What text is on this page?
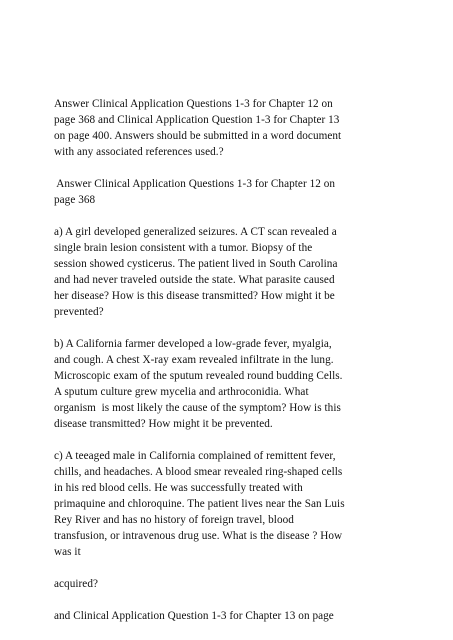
Answer Clinical Application Questions 1-3 for Chapter 12 on
page 368 and Clinical Application Question 1-3 for Chapter 13
on page 400. Answers should be submitted in a word document
with any associated references used.?

Answer Clinical Application Questions 1-3 for Chapter 12 on
page 368

a) A girl developed generalized seizures. A CT scan revealed a
single brain lesion consistent with a tumor. Biopsy of the
session showed cysticerus. The patient lived in South Carolina
and had never traveled outside the state. What parasite caused
her disease? How is this disease transmitted? How might it be
prevented?

b) A California farmer developed a low-grade fever, myalgia,
and cough. A chest X-ray exam revealed infiltrate in the lung.
Microscopic exam of the sputum revealed round budding Cells.
A sputum culture grew mycelia and arthroconidia. What
organism  is most likely the cause of the symptom? How is this
disease transmitted? How might it be prevented.

c) A teeaged male in California complained of remittent fever,
chills, and headaches. A blood smear revealed ring-shaped cells
in his red blood cells. He was successfully treated with
primaquine and chloroquine. The patient lives near the San Luis
Rey River and has no history of foreign travel, blood
transfusion, or intravenous drug use. What is the disease ? How
was it

acquired?

and Clinical Application Question 1-3 for Chapter 13 on page
